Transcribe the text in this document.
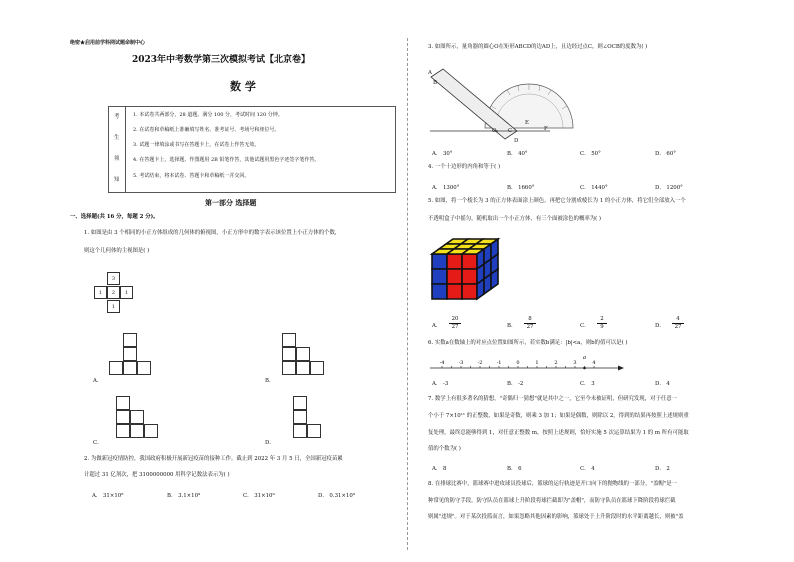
绝密★启用前学科网试题命制中心
2023年中考数学第三次模拟考试【北京卷】
数 学
考
生
须
知
1. 本试卷共两部分，28 道题。满分 100 分，考试时间 120 分钟。
2. 在试卷和草稿纸上准确填写姓名、准考证号、考场号和座位号。
3. 试题一律填涂或书写在答题卡上，在试卷上作答无效。
4. 在答题卡上，选择题、作图题用 2B 铅笔作答，其他试题用黑色字迹签字笔作答。
5. 考试结束，将本试卷、答题卡和草稿纸一并交回。
第一部分 选择题
一、选择题(共 16 分，每题 2 分)。
1. 如图是由 3 个相同的小正方体组成的几何体的俯视图，小正方形中的数字表示该位置上小正方体的个数，
则这个几何体的主视图是( )
3
1	2	1
1
A．	B．
C．	D．
2. 为做新冠疫情防控，我国政府积极开展新冠疫苗的接种工作。截止到 2022 年 3 月 5 日，全国新冠疫苗累
计超过 31 亿剂次，把 3100000000 用科学记数法表示为( )
A． 31×10⁸	B． 3.1×10⁹	C． 31×10⁹	D． 0.31×10⁹
3. 如图所示，量角器的圆心O在矩形ABCD的边AD上，且边经过点C，则∠OCB的度数为( )
A
B
O C
D
E
F
A． 30°	B． 40°	C． 50°	D． 60°
4. 一个十边形的内角和等于( )
A． 1300°	B． 1660°	C． 1440°	D． 1200°
5. 如图，将一个棱长为 3 的正方体表面涂上颜色，再把它分割成棱长为 1 的小正方体，将它们全部放入一个
不透明盒子中摇匀，随机取出一个小正方体，有三个面被涂色的概率为( )
A．
20
27	B．
8
27	C．
2
9	D．
4
27
6. 实数a在数轴上的对应点位置如图所示，若实数b满足：|b|<a，则b的值可以是( )
-4	-3	-2	-1	0	1	2	3	4
a
A． -3	B． -2	C． 3	D． 4
7. 数学上有很多著名的猜想，"奇偶归一猜想"就是其中之一，它至今未被证明，但研究发现，对于任意一
个小于 7×10¹¹ 的正整数，如果是奇数，则乘 3 加 1；如果是偶数，则除以 2，得到的结果再按照上述规则重
复处理，最终总能够得到 1，对任意正整数 m，按照上述规则，恰好实施 5 次运算结果为 1 的 m 所有可能取
值的个数为( )
A． 8	B． 6	C． 4	D． 2
8. 在排球比赛中，篮球赛中进攻球员投球后，篮球的运行轨迹是开口向下的抛物线的一部分，"盖帽"是一
种常见的防守手段，防守队员在篮球上升阶段将球拦截即为"盖帽"，而防守队员在篮球下降阶段将球拦截
则属"违规"。对于某次投篮而言，如果忽略其他因素的影响，篮球处于上升阶段时的水平距离越长，则被"盖
